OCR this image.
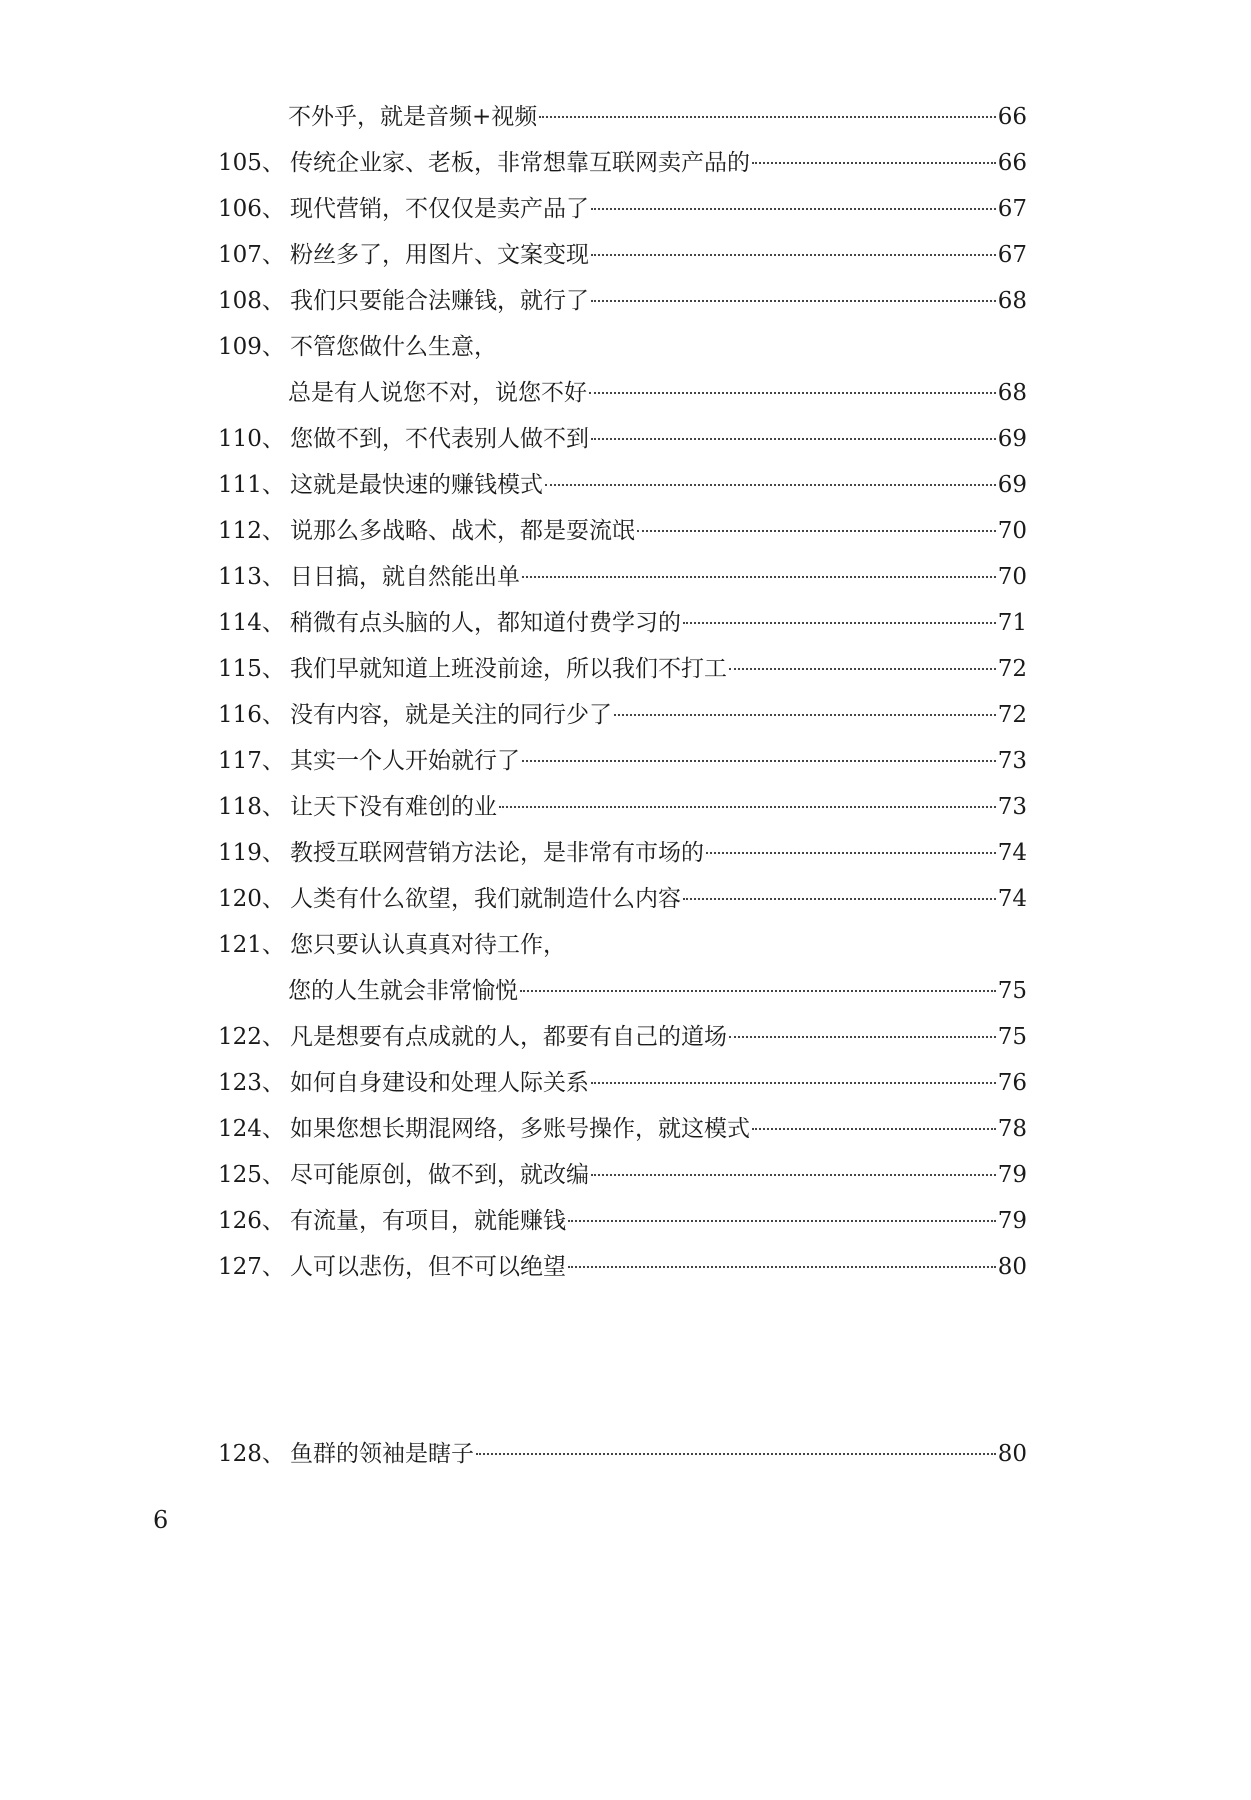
不外乎，就是音频+视频	66
105、 传统企业家、老板，非常想靠互联网卖产品的	66
106、 现代营销，不仅仅是卖产品了	67
107、 粉丝多了，用图片、文案变现	67
108、 我们只要能合法赚钱，就行了	68
109、 不管您做什么生意，
总是有人说您不对，说您不好	68
110、 您做不到，不代表别人做不到	69
111、 这就是最快速的赚钱模式	69
112、 说那么多战略、战术，都是耍流氓	70
113、 日日搞，就自然能出单	70
114、 稍微有点头脑的人，都知道付费学习的	71
115、 我们早就知道上班没前途，所以我们不打工	72
116、 没有内容，就是关注的同行少了	72
117、 其实一个人开始就行了	73
118、 让天下没有难创的业	73
119、 教授互联网营销方法论，是非常有市场的	74
120、 人类有什么欲望，我们就制造什么内容	74
121、 您只要认认真真对待工作，
您的人生就会非常愉悦	75
122、 凡是想要有点成就的人，都要有自己的道场	75
123、 如何自身建设和处理人际关系	76
124、 如果您想长期混网络，多账号操作，就这模式	78
125、 尽可能原创，做不到，就改编	79
126、 有流量，有项目，就能赚钱	79
127、 人可以悲伤，但不可以绝望	80
128、 鱼群的领袖是瞎子	80
6
